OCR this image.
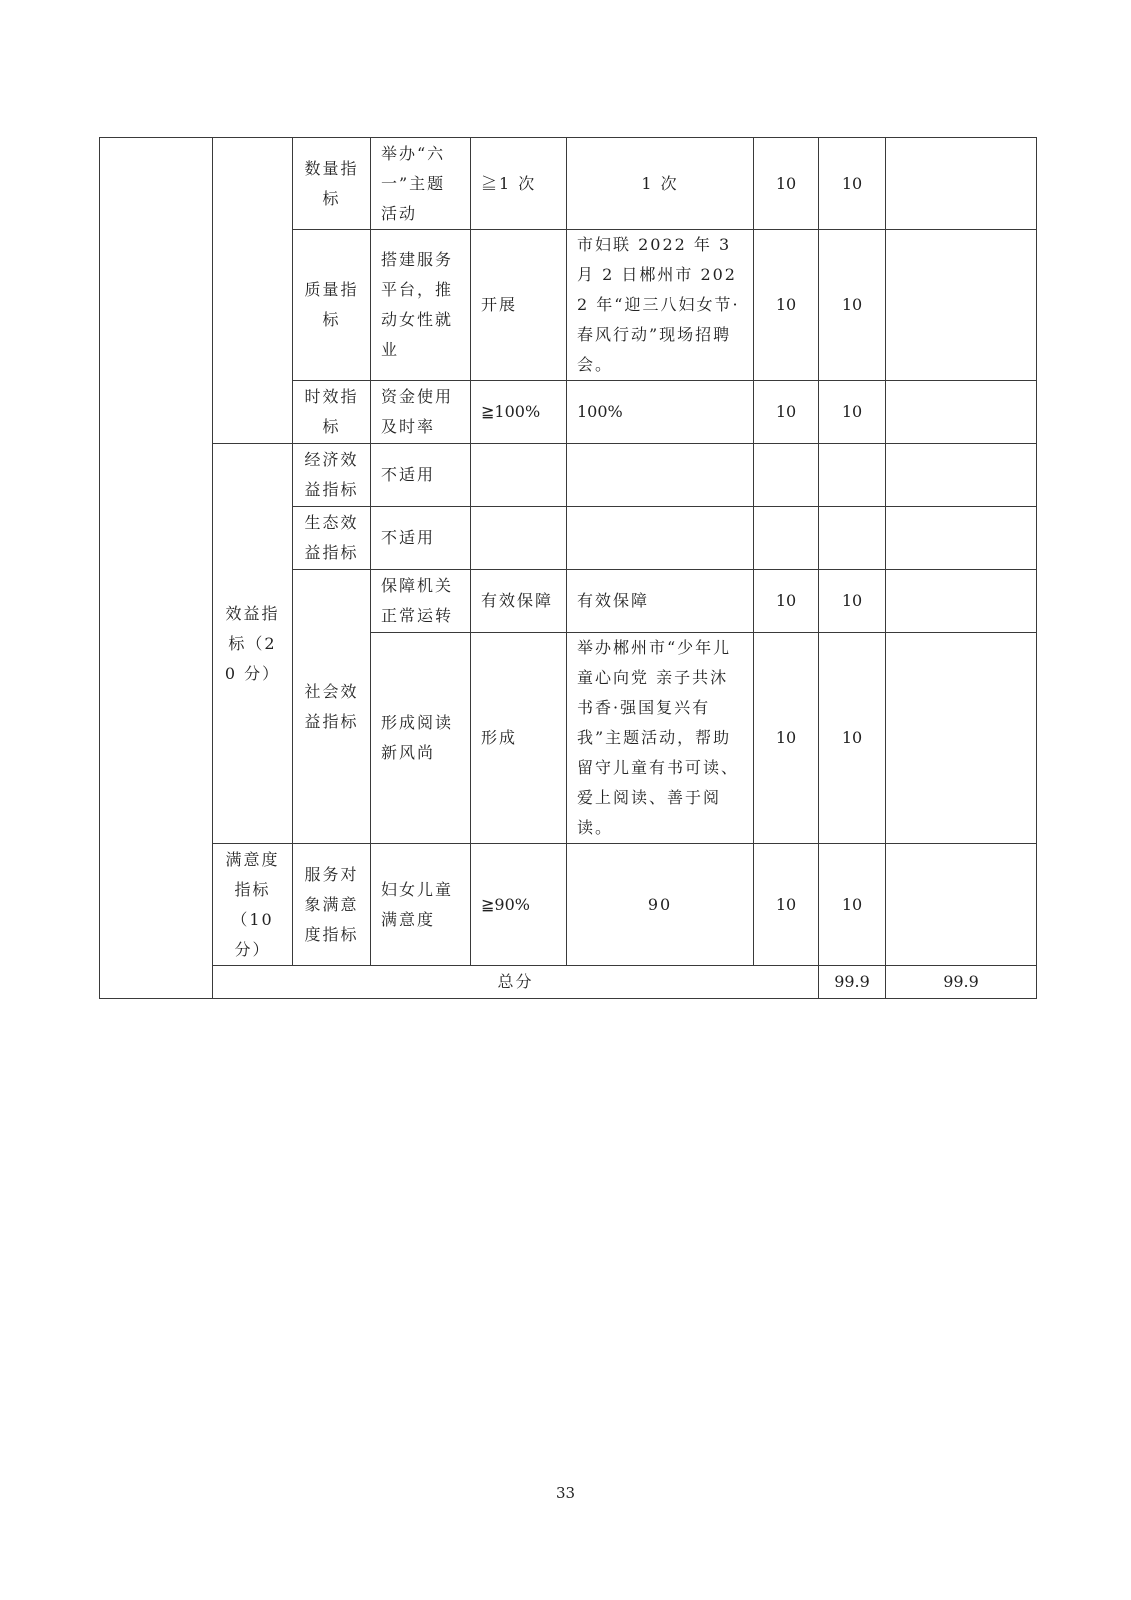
		数量指标	举办“六一”主题活动	≧1 次	1 次	10	10		
		质量指标	搭建服务平台，推动女性就业	开展	市妇联 2022 年 3 月 2 日郴州市 2022 年“迎三八妇女节·春风行动”现场招聘会。	10	10		
		时效指标	资金使用及时率	≧100%	100%	10	10		
	效益指标（20 分）	经济效益指标	不适用						
		生态效益指标	不适用						
		社会效益指标	保障机关正常运转	有效保障	有效保障	10	10		
			形成阅读新风尚	形成	举办郴州市“少年儿童心向党 亲子共沐书香·强国复兴有我”主题活动，帮助留守儿童有书可读、爱上阅读、善于阅读。	10	10		
	满意度指标（10 分）	服务对象满意度指标	妇女儿童满意度	≧90%	90	10	10		
	总分						99.9	99.9	
33
